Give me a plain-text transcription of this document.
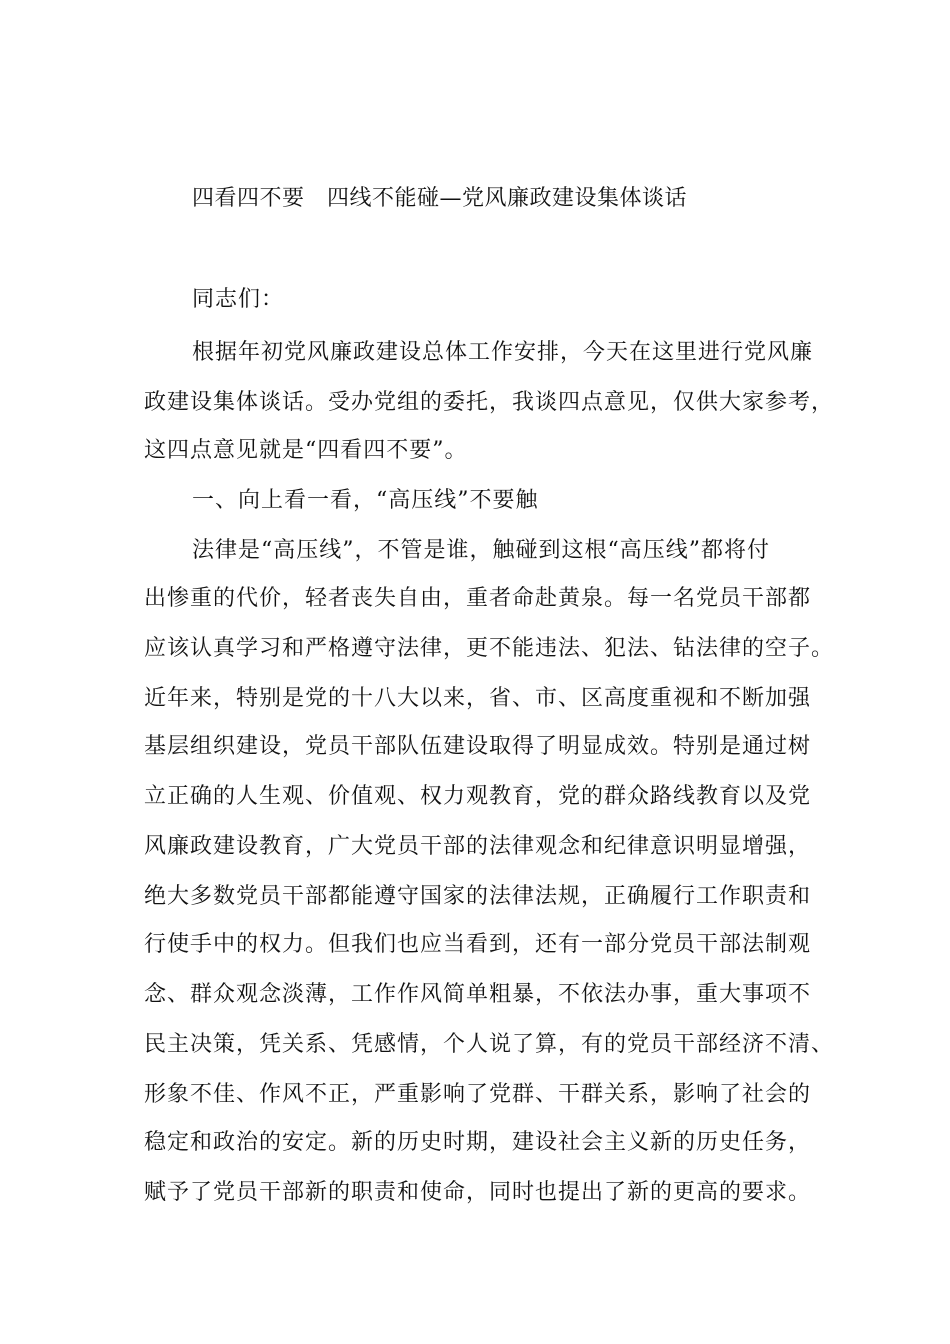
四看四不要　四线不能碰—党风廉政建设集体谈话
同志们：
根据年初党风廉政建设总体工作安排，今天在这里进行党风廉
政建设集体谈话。受办党组的委托，我谈四点意见，仅供大家参考，
这四点意见就是“四看四不要”。
一、向上看一看，“高压线”不要触
法律是“高压线”，不管是谁，触碰到这根“高压线”都将付
出惨重的代价，轻者丧失自由，重者命赴黄泉。每一名党员干部都
应该认真学习和严格遵守法律，更不能违法、犯法、钻法律的空子。
近年来，特别是党的十八大以来，省、市、区高度重视和不断加强
基层组织建设，党员干部队伍建设取得了明显成效。特别是通过树
立正确的人生观、价值观、权力观教育，党的群众路线教育以及党
风廉政建设教育，广大党员干部的法律观念和纪律意识明显增强，
绝大多数党员干部都能遵守国家的法律法规，正确履行工作职责和
行使手中的权力。但我们也应当看到，还有一部分党员干部法制观
念、群众观念淡薄，工作作风简单粗暴，不依法办事，重大事项不
民主决策，凭关系、凭感情，个人说了算，有的党员干部经济不清、
形象不佳、作风不正，严重影响了党群、干群关系，影响了社会的
稳定和政治的安定。新的历史时期，建设社会主义新的历史任务，
赋予了党员干部新的职责和使命，同时也提出了新的更高的要求。
